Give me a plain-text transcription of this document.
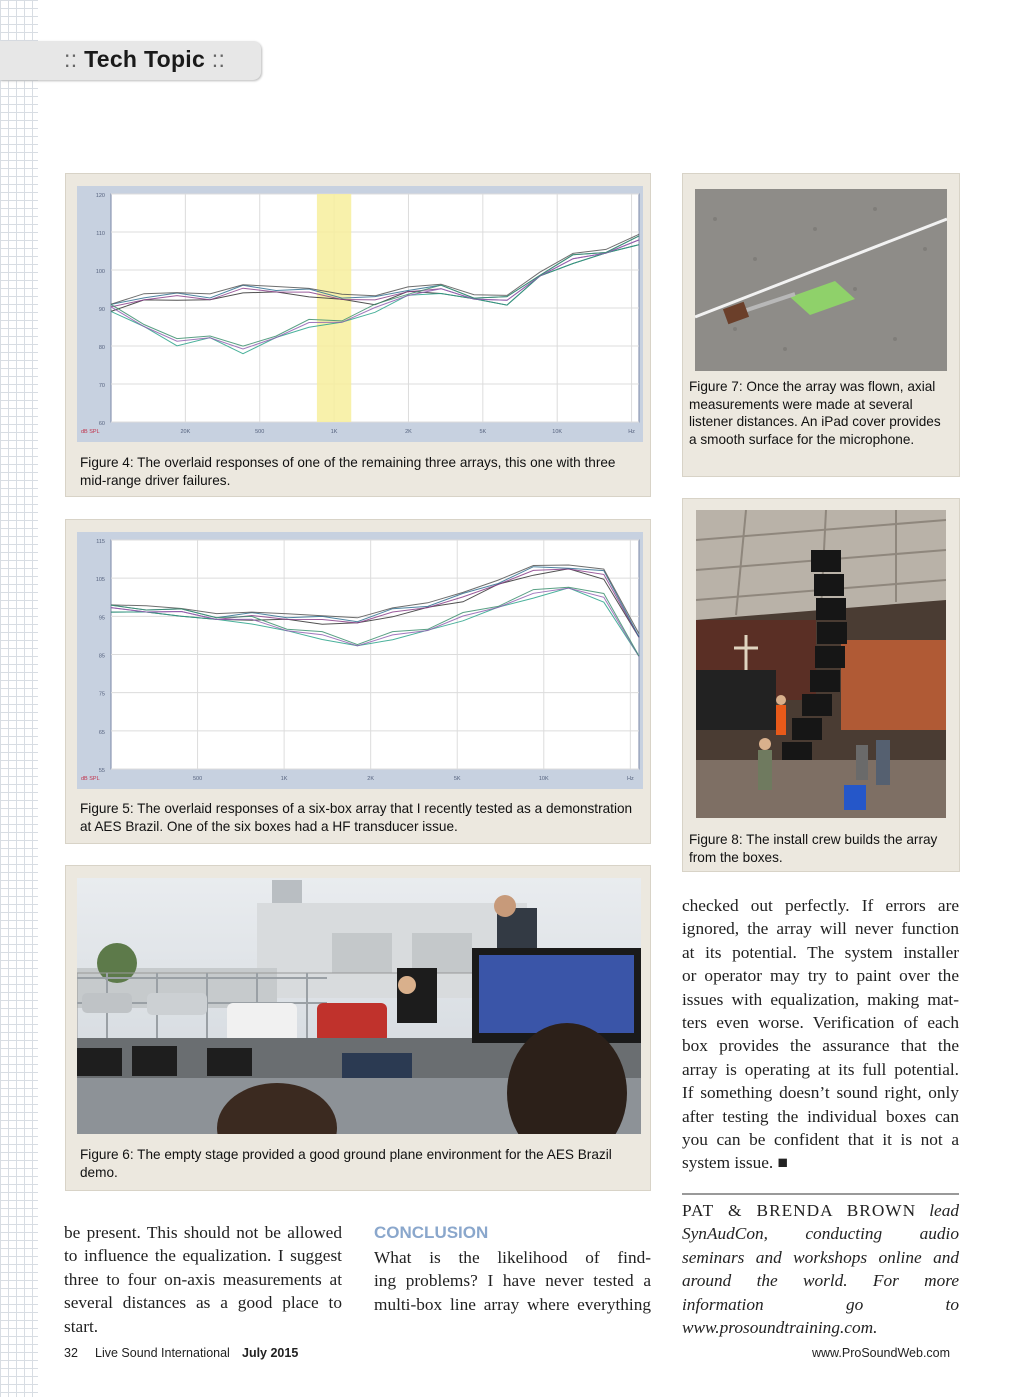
:: Tech Topic ::
120
110
100
90
80
70
60
20K	500	1K	2K	5K	10K	Hz
dB SPL
Figure 4: The overlaid responses of one of the remaining three arrays, this one with three mid-range driver failures.
115
105
95
85
75
65
55
500	1K	2K	5K	10K	Hz
dB SPL
Figure 5: The overlaid responses of a six-box array that I recently tested as a demonstration at AES Brazil. One of the six boxes had a HF transducer issue.
Figure 6: The empty stage provided a good ground plane environment for the AES Brazil demo.
Figure 7: Once the array was flown, axial measurements were made at several listener distances. An iPad cover provides a smooth surface for the microphone.
Figure 8: The install crew builds the array from the boxes.

be present. This should not be allowed

to influence the equalization. I suggest

three to four on-axis measurements at

several distances as a good place to start.

CONCLUSION

What is the likelihood of find-

ing problems? I have never tested a

multi-box line array where everything

checked out perfectly. If errors are

ignored, the array will never function

at its potential. The system installer

or operator may try to paint over the

issues with equalization, making mat-

ters even worse. Verification of each

box provides the assurance that the

array is operating at its full potential.

If something doesn’t sound right, only

after testing the individual boxes can

you can be confident that it is not a

system issue. ■

PAT & BRENDA BROWN lead SynAudCon, conducting audio seminars and workshops online and around the world. For more information go to www.prosoundtraining.com.
32 Live Sound International July 2015	www.ProSoundWeb.com
